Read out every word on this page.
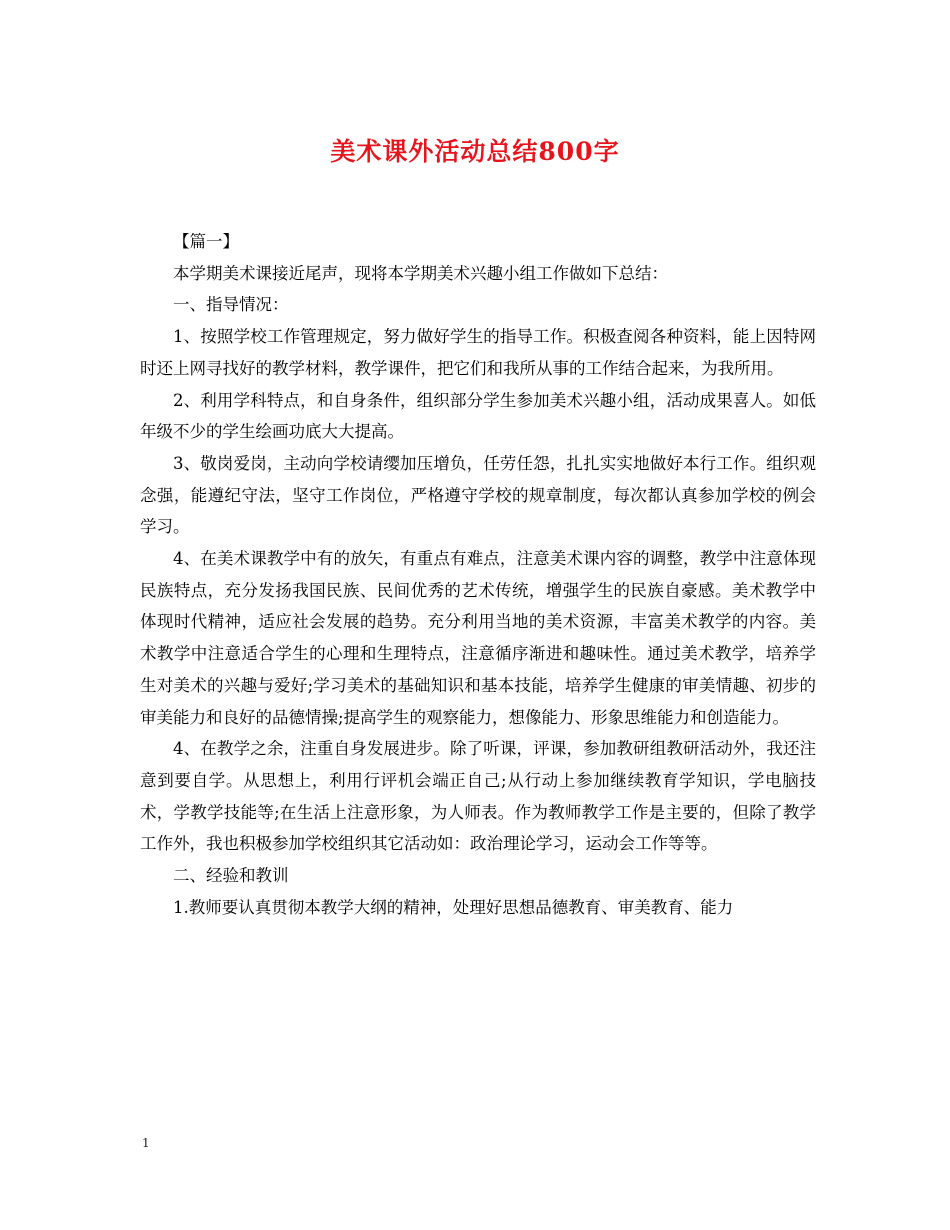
美术课外活动总结800字

【篇一】

本学期美术课接近尾声，现将本学期美术兴趣小组工作做如下总结：

一、指导情况：

1、按照学校工作管理规定，努力做好学生的指导工作。积极查阅各种资料，能上因特网时还上网寻找好的教学材料，教学课件，把它们和我所从事的工作结合起来，为我所用。

2、利用学科特点，和自身条件，组织部分学生参加美术兴趣小组，活动成果喜人。如低年级不少的学生绘画功底大大提高。

3、敬岗爱岗，主动向学校请缨加压增负，任劳任怨，扎扎实实地做好本行工作。组织观念强，能遵纪守法，坚守工作岗位，严格遵守学校的规章制度，每次都认真参加学校的例会学习。

4、在美术课教学中有的放矢，有重点有难点，注意美术课内容的调整，教学中注意体现民族特点，充分发扬我国民族、民间优秀的艺术传统，增强学生的民族自豪感。美术教学中体现时代精神，适应社会发展的趋势。充分利用当地的美术资源，丰富美术教学的内容。美术教学中注意适合学生的心理和生理特点，注意循序渐进和趣味性。通过美术教学，培养学生对美术的兴趣与爱好;学习美术的基础知识和基本技能，培养学生健康的审美情趣、初步的审美能力和良好的品德情操;提高学生的观察能力，想像能力、形象思维能力和创造能力。

4、在教学之余，注重自身发展进步。除了听课，评课，参加教研组教研活动外，我还注意到要自学。从思想上，利用行评机会端正自己;从行动上参加继续教育学知识，学电脑技术，学教学技能等;在生活上注意形象，为人师表。作为教师教学工作是主要的，但除了教学工作外，我也积极参加学校组织其它活动如：政治理论学习，运动会工作等等。

二、经验和教训

1.教师要认真贯彻本教学大纲的精神，处理好思想品德教育、审美教育、能力

1
